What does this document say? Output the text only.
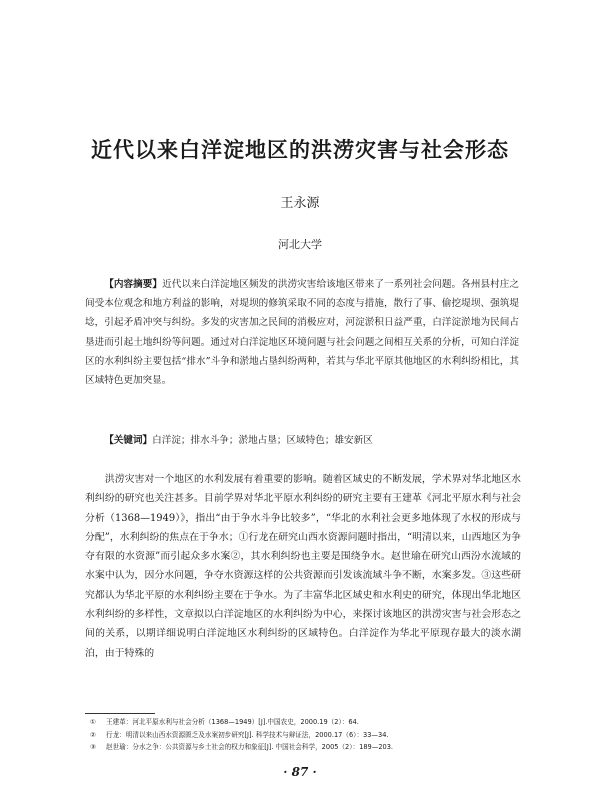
近代以来白洋淀地区的洪涝灾害与社会形态
王永源
河北大学
【内容摘要】近代以来白洋淀地区频发的洪涝灾害给该地区带来了一系列社会问题。各州县村庄之间受本位观念和地方利益的影响，对堤坝的修筑采取不同的态度与措施，散行了事、偷挖堤坝、强筑堤埝，引起矛盾冲突与纠纷。多发的灾害加之民间的消极应对，河淀淤积日益严重，白洋淀淤地为民间占垦进而引起土地纠纷等问题。通过对白洋淀地区环境问题与社会问题之间相互关系的分析，可知白洋淀区的水利纠纷主要包括“排水”斗争和淤地占垦纠纷两种，若其与华北平原其他地区的水利纠纷相比，其区域特色更加突显。
【关键词】白洋淀；排水斗争；淤地占垦；区域特色；雄安新区
洪涝灾害对一个地区的水利发展有着重要的影响。随着区域史的不断发展，学术界对华北地区水利纠纷的研究也关注甚多。目前学界对华北平原水利纠纷的研究主要有王建革《河北平原水利与社会分析（1368—1949）》，指出“由于争水斗争比较多”，“华北的水利社会更多地体现了水权的形成与分配”，水利纠纷的焦点在于争水；①行龙在研究山西水资源问题时指出，“明清以来，山西地区为争夺有限的水资源”而引起众多水案②，其水利纠纷也主要是围绕争水。赵世瑜在研究山西汾水流域的水案中认为，因分水问题，争夺水资源这样的公共资源而引发该流域斗争不断，水案多发。③这些研究都认为华北平原的水利纠纷主要在于争水。为了丰富华北区域史和水利史的研究，体现出华北地区水利纠纷的多样性，文章拟以白洋淀地区的水利纠纷为中心，来探讨该地区的洪涝灾害与社会形态之间的关系，以期详细说明白洋淀地区水利纠纷的区域特色。白洋淀作为华北平原现存最大的淡水湖泊，由于特殊的
① 王建革：河北平原水利与社会分析（1368—1949）[J].中国农史，2000.19（2）：64.
② 行龙：明清以来山西水资源匮乏及水案初步研究[J]. 科学技术与辩证法，2000.17（6）：33—34.
③ 赵世瑜：分水之争：公共资源与乡土社会的权力和象征[J]. 中国社会科学，2005（2）：189—203.
· 87 ·
